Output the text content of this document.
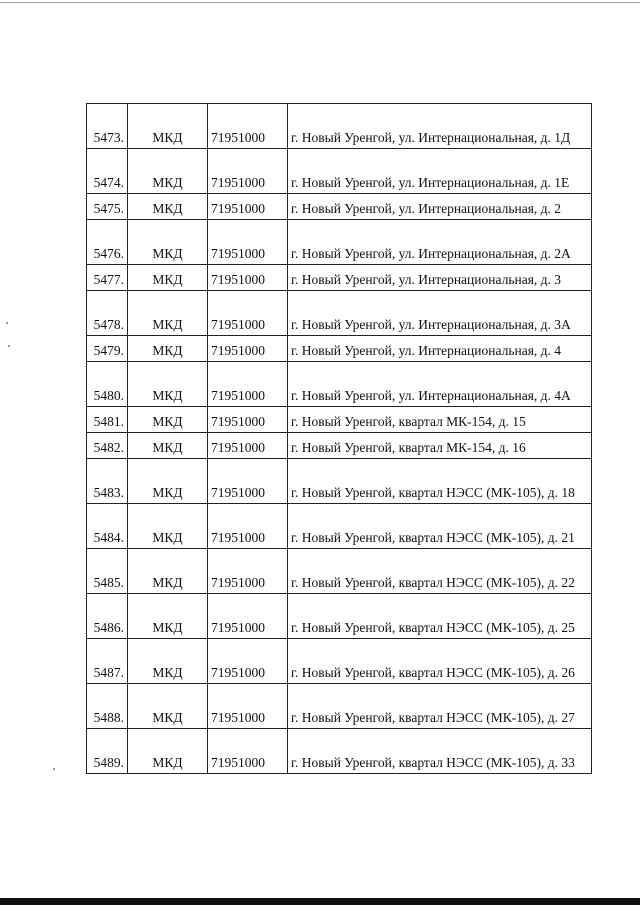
5473.	МКД	71951000	г. Новый Уренгой, ул. Интернациональная, д. 1Д
5474.	МКД	71951000	г. Новый Уренгой, ул. Интернациональная, д. 1Е
5475.	МКД	71951000	г. Новый Уренгой, ул. Интернациональная, д. 2
5476.	МКД	71951000	г. Новый Уренгой, ул. Интернациональная, д. 2А
5477.	МКД	71951000	г. Новый Уренгой, ул. Интернациональная, д. 3
5478.	МКД	71951000	г. Новый Уренгой, ул. Интернациональная, д. 3А
5479.	МКД	71951000	г. Новый Уренгой, ул. Интернациональная, д. 4
5480.	МКД	71951000	г. Новый Уренгой, ул. Интернациональная, д. 4А
5481.	МКД	71951000	г. Новый Уренгой, квартал МК-154, д. 15
5482.	МКД	71951000	г. Новый Уренгой, квартал МК-154, д. 16
5483.	МКД	71951000	г. Новый Уренгой, квартал НЭСС (МК-105), д. 18
5484.	МКД	71951000	г. Новый Уренгой, квартал НЭСС (МК-105), д. 21
5485.	МКД	71951000	г. Новый Уренгой, квартал НЭСС (МК-105), д. 22
5486.	МКД	71951000	г. Новый Уренгой, квартал НЭСС (МК-105), д. 25
5487.	МКД	71951000	г. Новый Уренгой, квартал НЭСС (МК-105), д. 26
5488.	МКД	71951000	г. Новый Уренгой, квартал НЭСС (МК-105), д. 27
5489.	МКД	71951000	г. Новый Уренгой, квартал НЭСС (МК-105), д. 33
